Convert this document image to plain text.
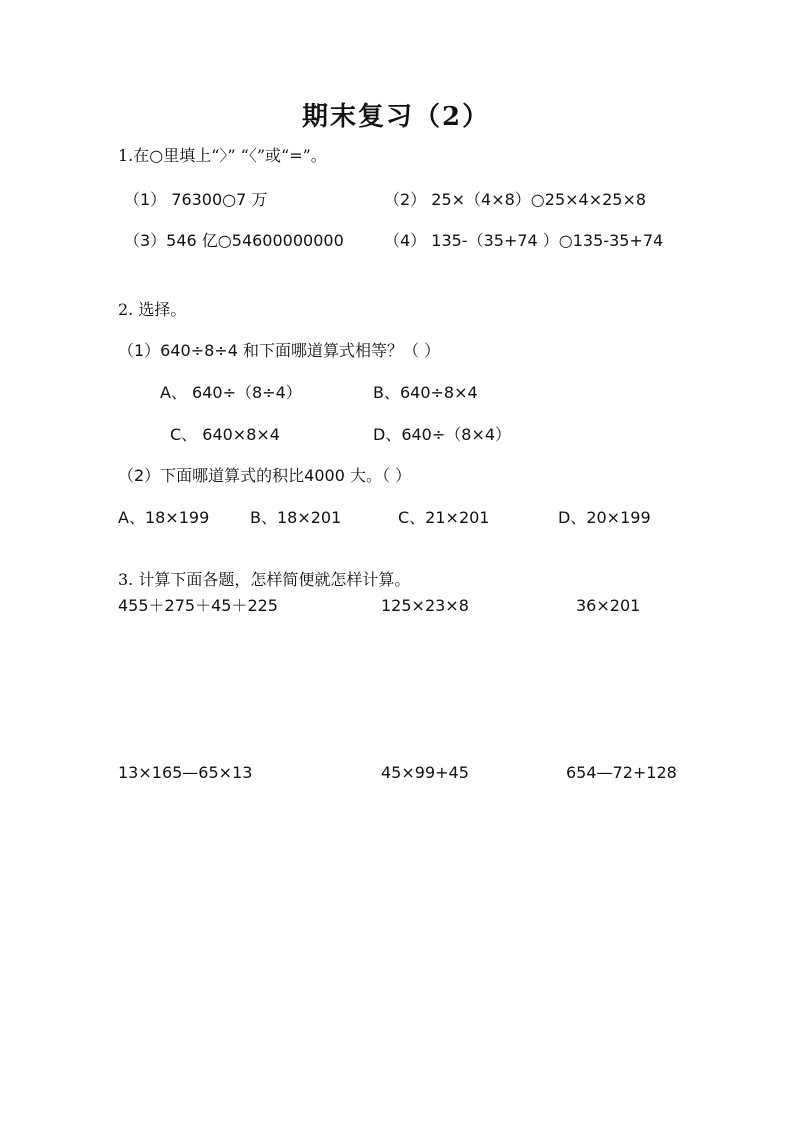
期末复习（2）
1.在○里填上“〉” “〈”或“=”。
（1） 76300○7 万	（2） 25×（4×8）○25×4×25×8
（3）546 亿○54600000000	（4） 135-（35+74 ）○135-35+74
2. 选择。
（1）640÷8÷4 和下面哪道算式相等？（ ）
A、 640÷（8÷4）	B、640÷8×4
C、 640×8×4	D、640÷（8×4）
（2）下面哪道算式的积比4000 大。（ ）
A、18×199	B、18×201	C、21×201	D、20×199
3. 计算下面各题，怎样简便就怎样计算。
455＋275＋45＋225	125×23×8	36×201
13×165—65×13	45×99+45	654—72+128
